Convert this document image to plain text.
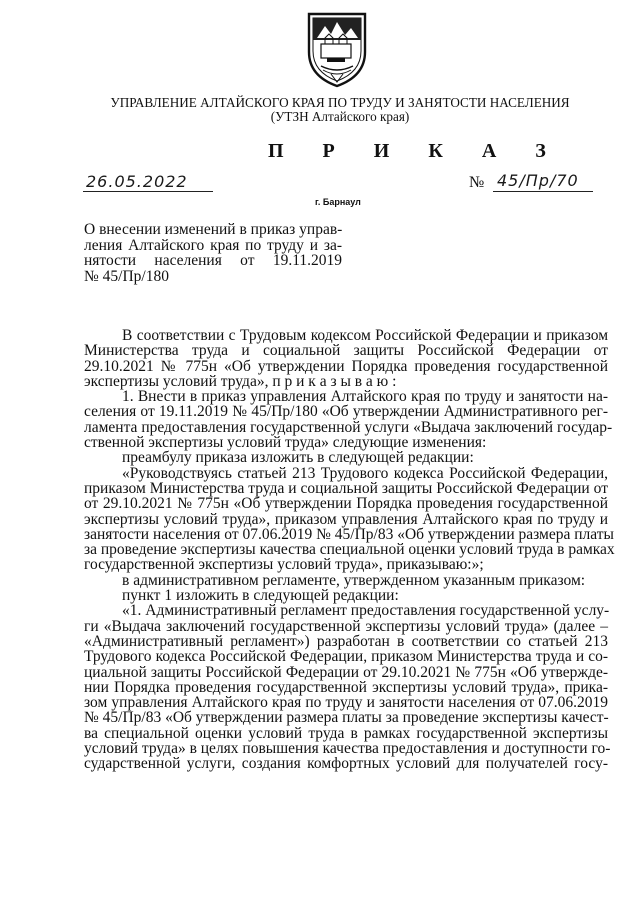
УПРАВЛЕНИЕ АЛТАЙСКОГО КРАЯ ПО ТРУДУ И ЗАНЯТОСТИ НАСЕЛЕНИЯ
(УТЗН Алтайского края)
П Р И К А З
26.05.2022
г. Барнаул
№ 45/Пр/70
О внесении изменений в приказ управ-
ления Алтайского края по труду и за-
нятости населения от 19.11.2019
№ 45/Пр/180
В соответствии с Трудовым кодексом Российской Федерации и приказом
Министерства труда и социальной защиты Российской Федерации от
29.10.2021 № 775н «Об утверждении Порядка проведения государственной
экспертизы условий труда», п р и к а з ы в а ю :
1. Внести в приказ управления Алтайского края по труду и занятости на-
селения от 19.11.2019 № 45/Пр/180 «Об утверждении Административного рег-
ламента предоставления государственной услуги «Выдача заключений государ-
ственной экспертизы условий труда» следующие изменения:
преамбулу приказа изложить в следующей редакции:
«Руководствуясь статьей 213 Трудового кодекса Российской Федерации,
приказом Министерства труда и социальной защиты Российской Федерации от
от 29.10.2021 № 775н «Об утверждении Порядка проведения государственной
экспертизы условий труда», приказом управления Алтайского края по труду и
занятости населения от 07.06.2019 № 45/Пр/83 «Об утверждении размера платы
за проведение экспертизы качества специальной оценки условий труда в рамках
государственной экспертизы условий труда», приказываю:»;
в административном регламенте, утвержденном указанным приказом:
пункт 1 изложить в следующей редакции:
«1. Административный регламент предоставления государственной услу-
ги «Выдача заключений государственной экспертизы условий труда» (далее –
«Административный регламент») разработан в соответствии со статьей 213
Трудового кодекса Российской Федерации, приказом Министерства труда и со-
циальной защиты Российской Федерации от 29.10.2021 № 775н «Об утвержде-
нии Порядка проведения государственной экспертизы условий труда», прика-
зом управления Алтайского края по труду и занятости населения от 07.06.2019
№ 45/Пр/83 «Об утверждении размера платы за проведение экспертизы качест-
ва специальной оценки условий труда в рамках государственной экспертизы
условий труда» в целях повышения качества предоставления и доступности го-
сударственной услуги, создания комфортных условий для получателей госу-
